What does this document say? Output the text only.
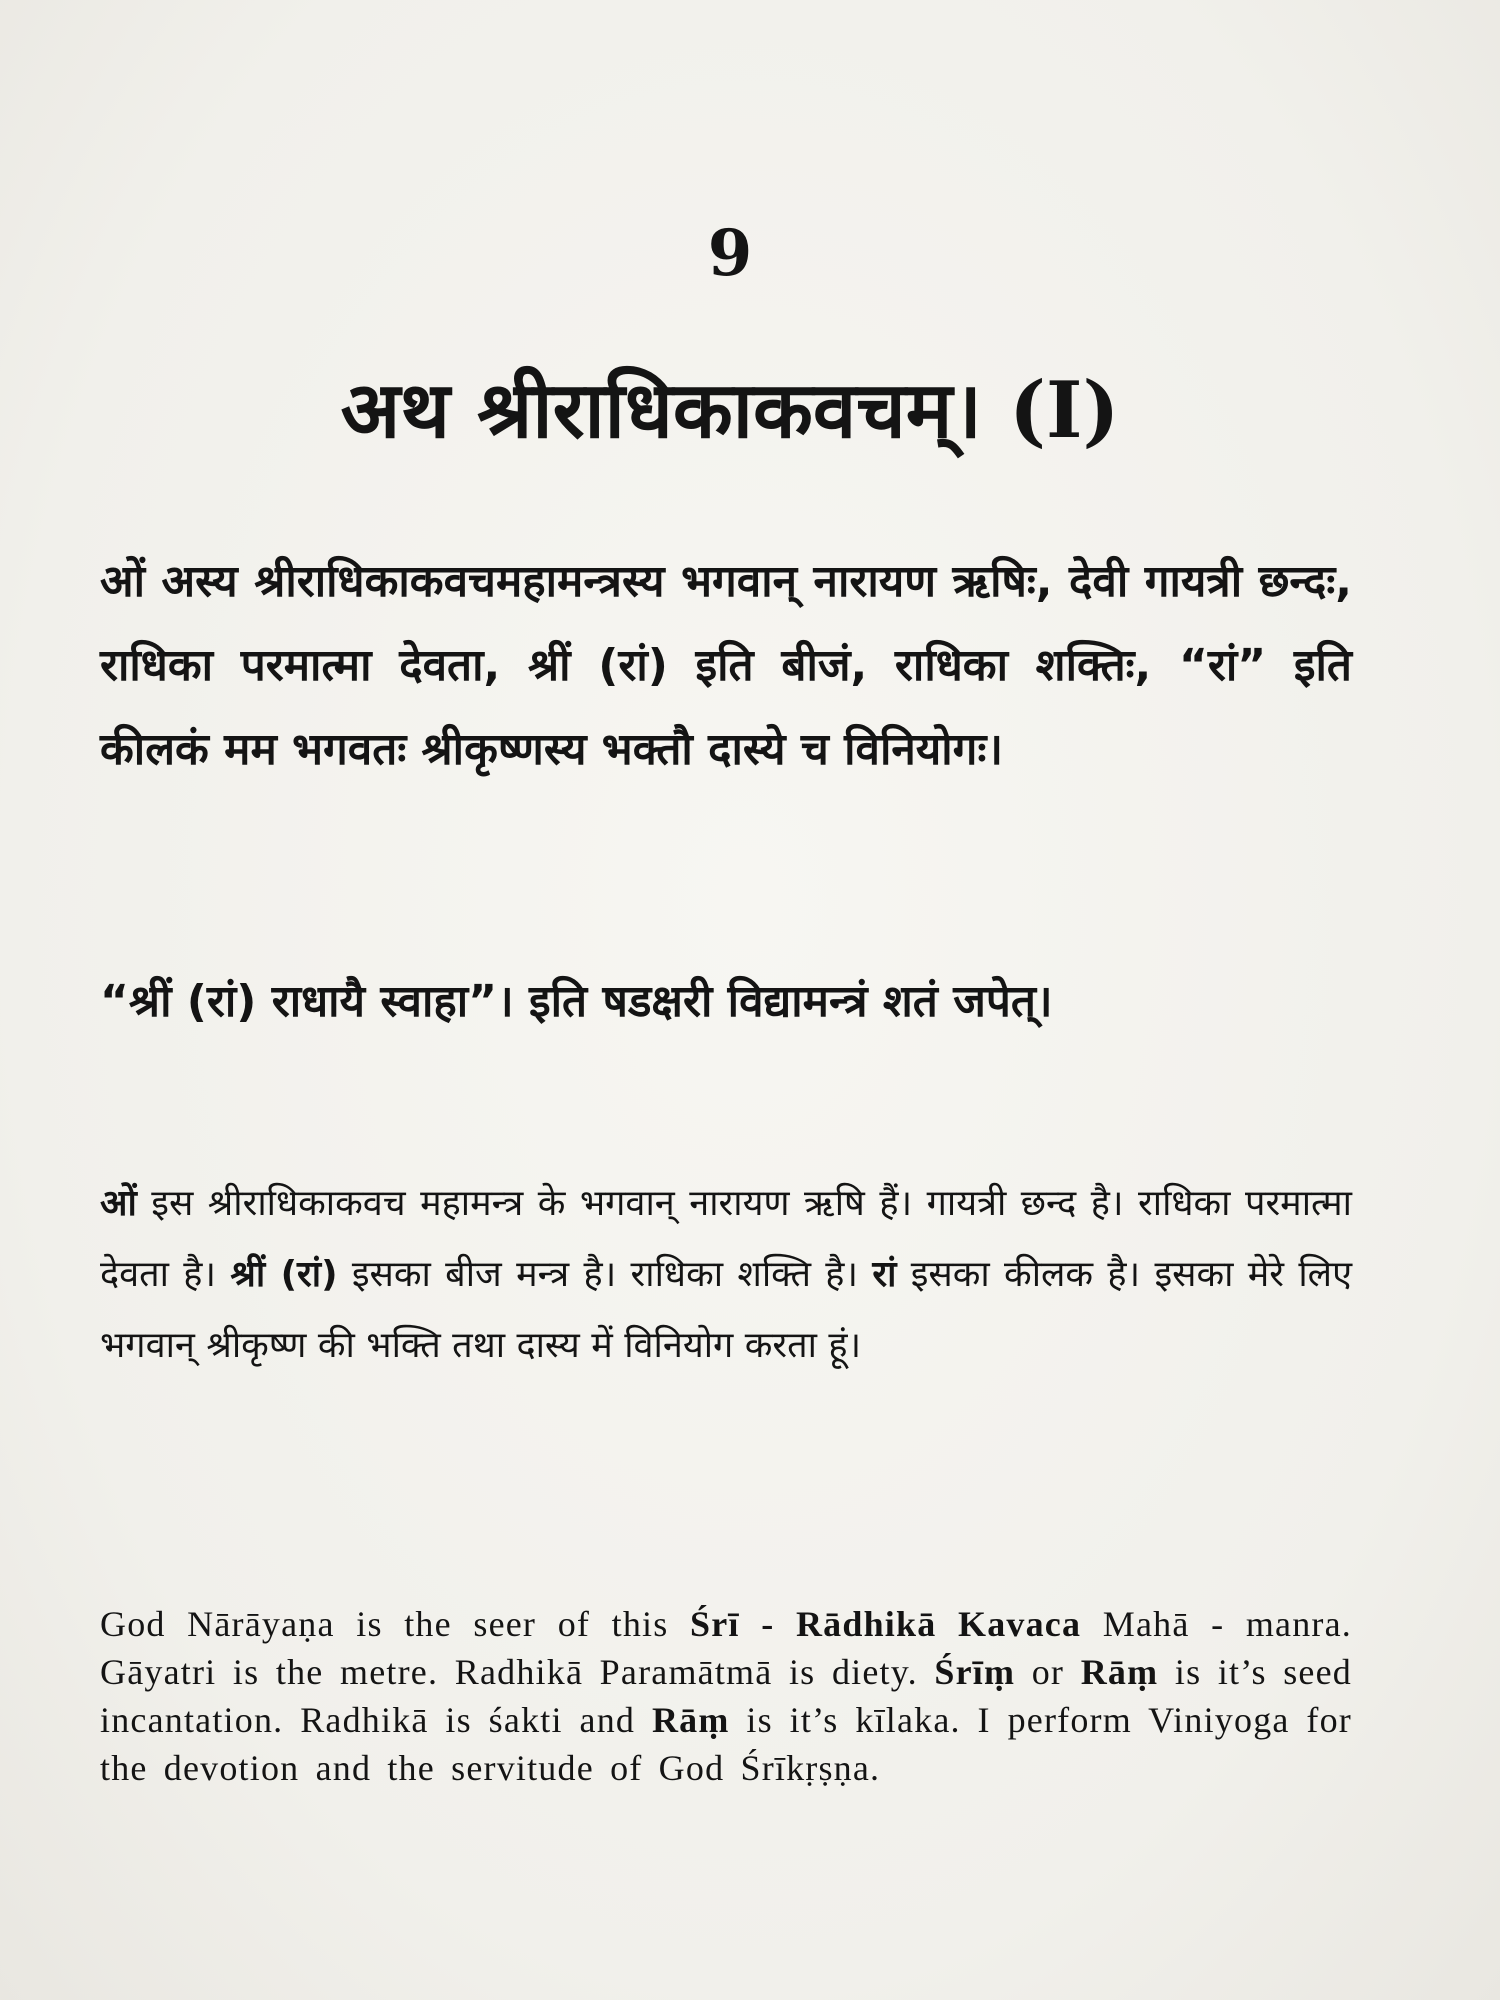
9
अथ श्रीराधिकाकवचम्। (I)

ओं अस्य श्रीराधिकाकवचमहामन्त्रस्य भगवान् नारायण ऋषिः, देवी गायत्री छन्दः, राधिका परमात्मा देवता, श्रीं (रां) इति बीजं, राधिका शक्तिः, “रां” इति कीलकं मम भगवतः श्रीकृष्णस्य भक्तौ दास्ये च विनियोगः।

“श्रीं (रां) राधायै स्वाहा”। इति षडक्षरी विद्यामन्त्रं शतं जपेत्।

ओं इस श्रीराधिकाकवच महामन्त्र के भगवान् नारायण ऋषि हैं। गायत्री छन्द है। राधिका परमात्मा देवता है। श्रीं (रां) इसका बीज मन्त्र है। राधिका शक्ति है। रां इसका कीलक है। इसका मेरे लिए भगवान् श्रीकृष्ण की भक्ति तथा दास्य में विनियोग करता हूं।

God Nārāyaṇa is the seer of this Śrī - Rādhikā Kavaca Mahā - manra. Gāyatri is the metre. Radhikā Paramātmā is diety. Śrīṃ or Rāṃ is it’s seed incantation. Radhikā is śakti and Rāṃ is it’s kīlaka. I perform Viniyoga for the devotion and the servitude of God Śrīkṛṣṇa.
